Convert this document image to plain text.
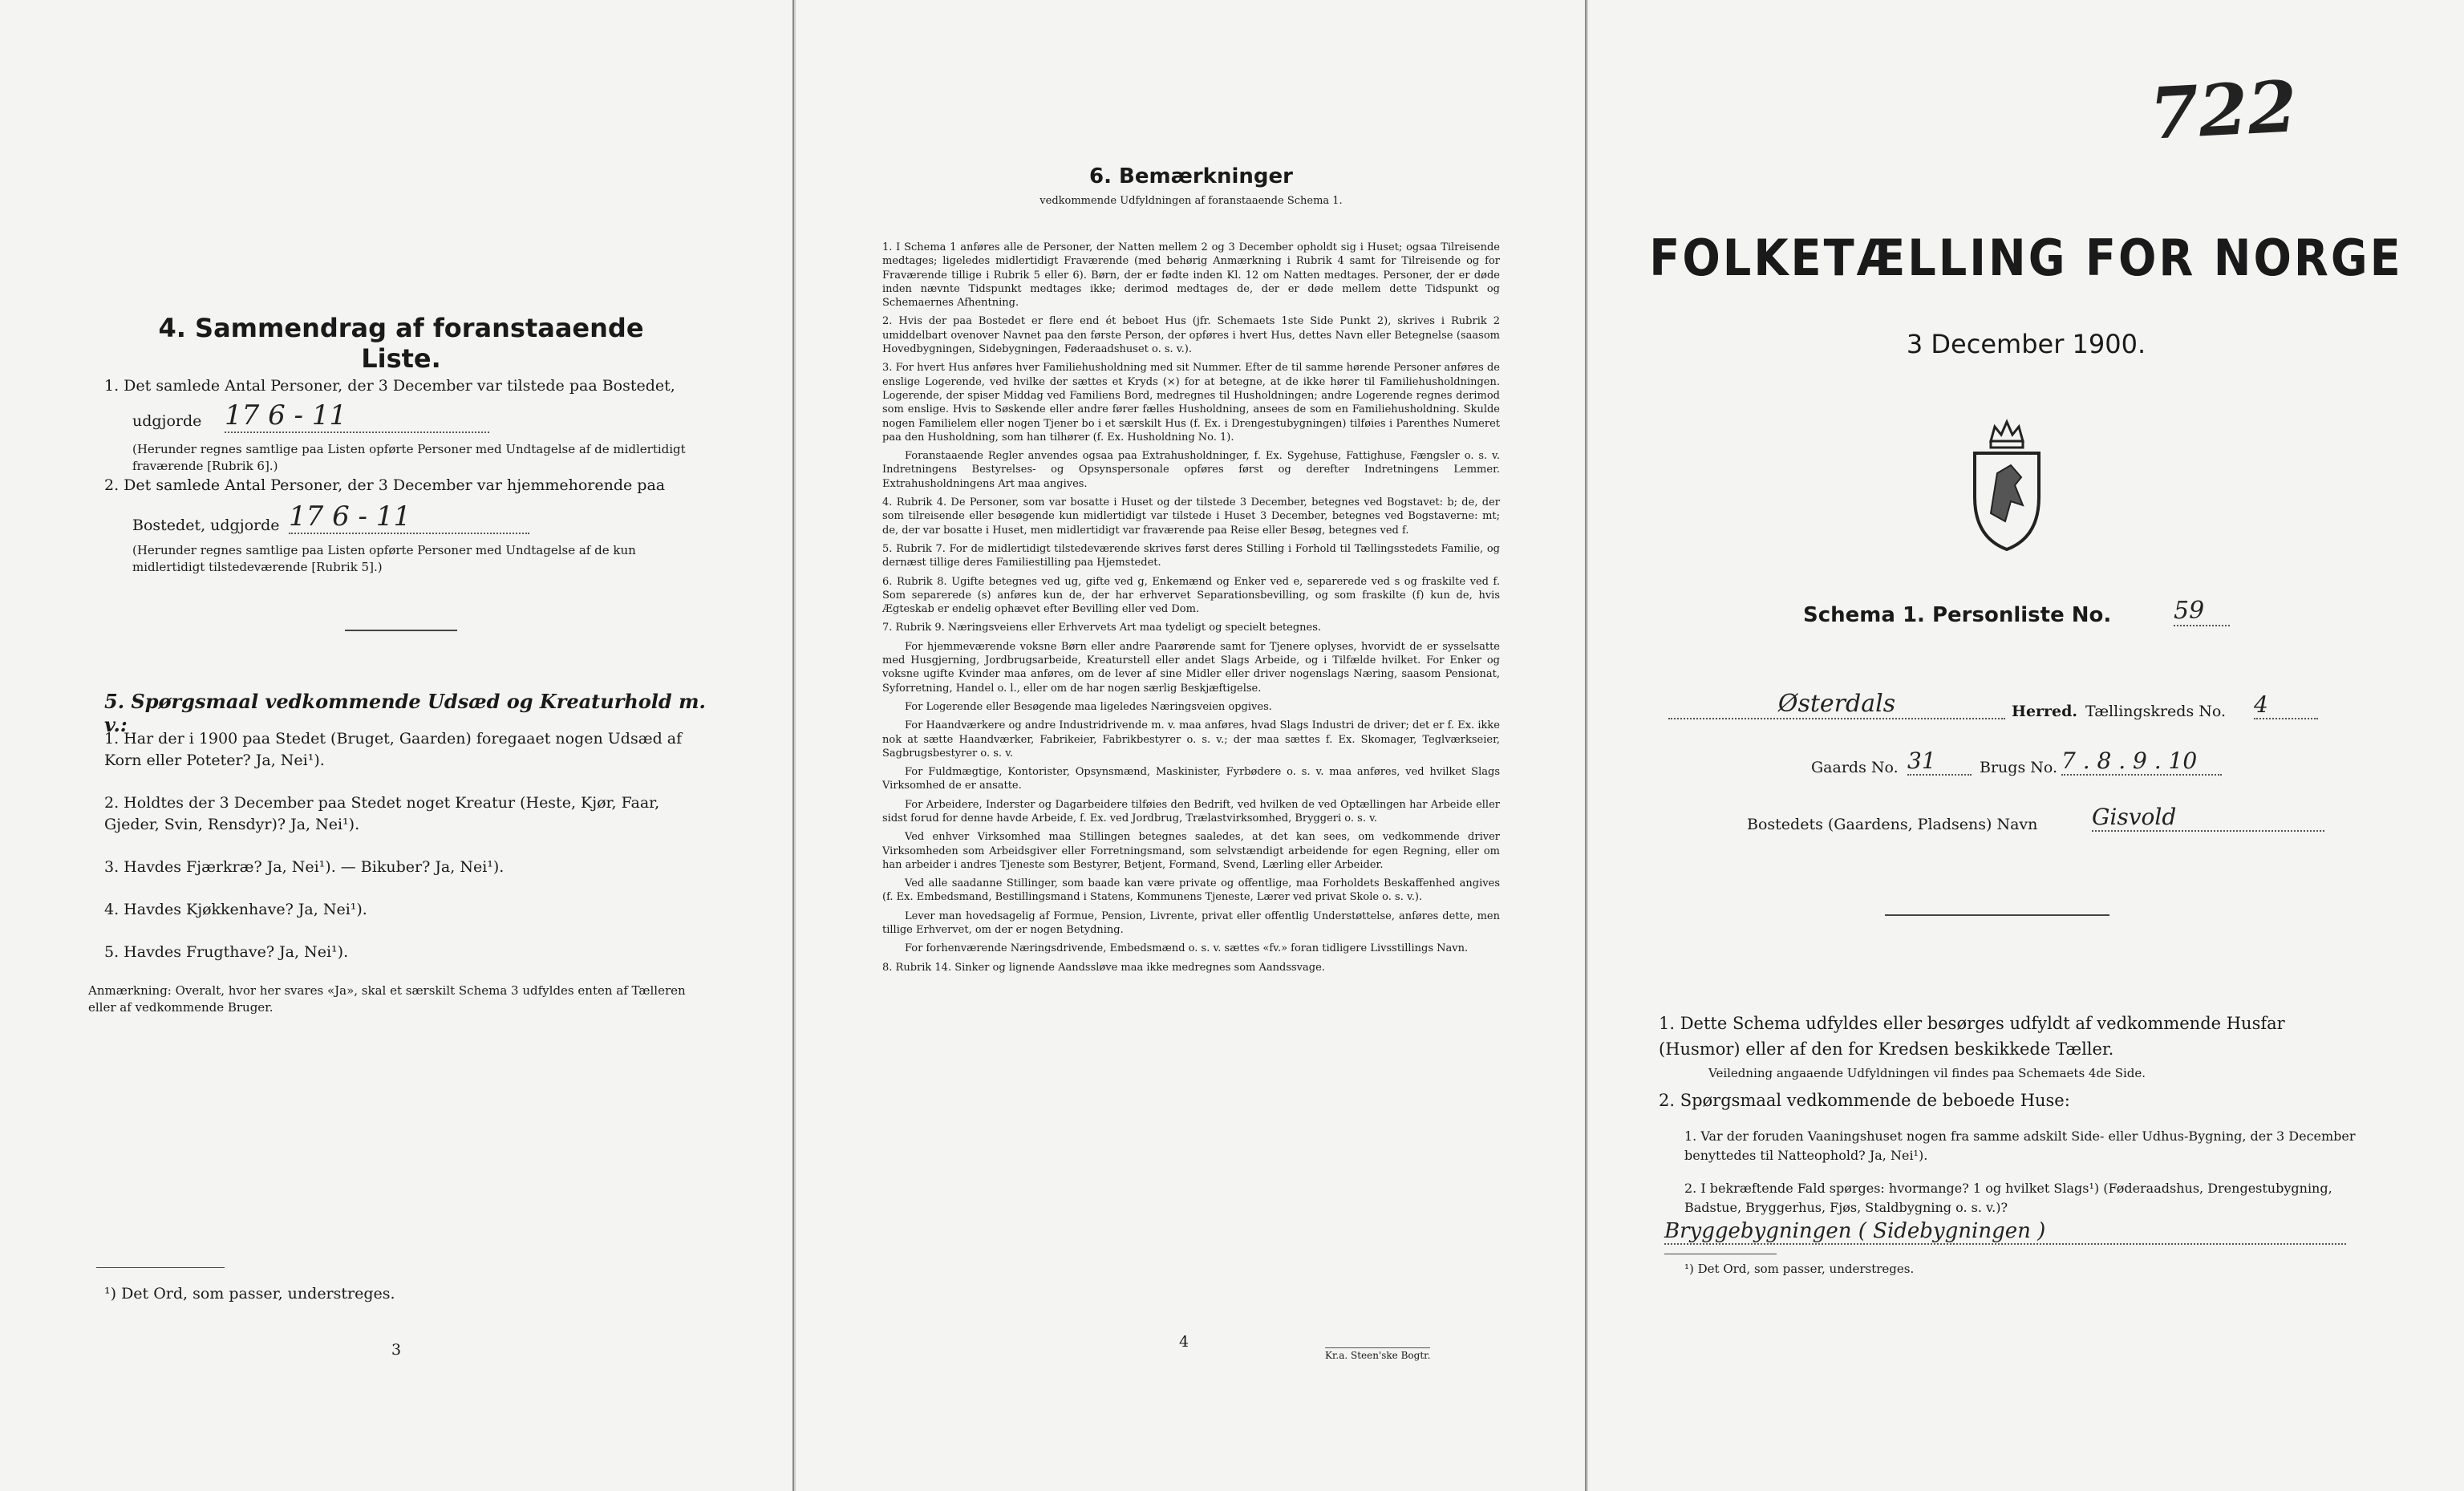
4. Sammendrag af foranstaaende Liste.
1. Det samlede Antal Personer, der 3 December var tilstede paa Bostedet,
udgjorde 17 6 - 11
(Herunder regnes samtlige paa Listen opførte Personer med Undtagelse af de midlertidigt fraværende [Rubrik 6].)
2. Det samlede Antal Personer, der 3 December var hjemmehorende paa
Bostedet, udgjorde 17 6 - 11
(Herunder regnes samtlige paa Listen opførte Personer med Undtagelse af de kun midlertidigt tilstedeværende [Rubrik 5].)
5. Spørgsmaal vedkommende Udsæd og Kreaturhold m. v.:

1. Har der i 1900 paa Stedet (Bruget, Gaarden) foregaaet nogen Udsæd af Korn eller Poteter? Ja, Nei¹).

2. Holdtes der 3 December paa Stedet noget Kreatur (Heste, Kjør, Faar, Gjeder, Svin, Rensdyr)? Ja, Nei¹).

3. Havdes Fjærkræ? Ja, Nei¹). — Bikuber? Ja, Nei¹).

4. Havdes Kjøkkenhave? Ja, Nei¹).

5. Havdes Frugthave? Ja, Nei¹).

Anmærkning: Overalt, hvor her svares «Ja», skal et særskilt Schema 3 udfyldes enten af Tælleren eller af vedkommende Bruger.
¹) Det Ord, som passer, understreges.
3
6. Bemærkninger
vedkommende Udfyldningen af foranstaaende Schema 1.

1. I Schema 1 anføres alle de Personer, der Natten mellem 2 og 3 December opholdt sig i Huset; ogsaa Tilreisende medtages; ligeledes midlertidigt Fraværende (med behørig Anmærkning i Rubrik 4 samt for Tilreisende og for Fraværende tillige i Rubrik 5 eller 6). Børn, der er fødte inden Kl. 12 om Natten medtages. Personer, der er døde inden nævnte Tidspunkt medtages ikke; derimod medtages de, der er døde mellem dette Tidspunkt og Schemaernes Afhentning.

2. Hvis der paa Bostedet er flere end ét beboet Hus (jfr. Schemaets 1ste Side Punkt 2), skrives i Rubrik 2 umiddelbart ovenover Navnet paa den første Person, der opføres i hvert Hus, dettes Navn eller Betegnelse (saasom Hovedbygningen, Sidebygningen, Føderaadshuset o. s. v.).

3. For hvert Hus anføres hver Familiehusholdning med sit Nummer. Efter de til samme hørende Personer anføres de enslige Logerende, ved hvilke der sættes et Kryds (×) for at betegne, at de ikke hører til Familiehusholdningen. Logerende, der spiser Middag ved Familiens Bord, medregnes til Husholdningen; andre Logerende regnes derimod som enslige. Hvis to Søskende eller andre fører fælles Husholdning, ansees de som en Familiehusholdning. Skulde nogen Familielem eller nogen Tjener bo i et særskilt Hus (f. Ex. i Drengestubygningen) tilføies i Parenthes Numeret paa den Husholdning, som han tilhører (f. Ex. Husholdning No. 1).

Foranstaaende Regler anvendes ogsaa paa Extrahusholdninger, f. Ex. Sygehuse, Fattighuse, Fængsler o. s. v. Indretningens Bestyrelses- og Opsynspersonale opføres først og derefter Indretningens Lemmer. Extrahusholdningens Art maa angives.

4. Rubrik 4. De Personer, som var bosatte i Huset og der tilstede 3 December, betegnes ved Bogstavet: b; de, der som tilreisende eller besøgende kun midlertidigt var tilstede i Huset 3 December, betegnes ved Bogstaverne: mt; de, der var bosatte i Huset, men midlertidigt var fraværende paa Reise eller Besøg, betegnes ved f.

5. Rubrik 7. For de midlertidigt tilstedeværende skrives først deres Stilling i Forhold til Tællingsstedets Familie, og dernæst tillige deres Familiestilling paa Hjemstedet.

6. Rubrik 8. Ugifte betegnes ved ug, gifte ved g, Enkemænd og Enker ved e, separerede ved s og fraskilte ved f. Som separerede (s) anføres kun de, der har erhvervet Separationsbevilling, og som fraskilte (f) kun de, hvis Ægteskab er endelig ophævet efter Bevilling eller ved Dom.

7. Rubrik 9. Næringsveiens eller Erhvervets Art maa tydeligt og specielt betegnes.

For hjemmeværende voksne Børn eller andre Paarørende samt for Tjenere oplyses, hvorvidt de er sysselsatte med Husgjerning, Jordbrugsarbeide, Kreaturstell eller andet Slags Arbeide, og i Tilfælde hvilket. For Enker og voksne ugifte Kvinder maa anføres, om de lever af sine Midler eller driver nogenslags Næring, saasom Pensionat, Syforretning, Handel o. l., eller om de har nogen særlig Beskjæftigelse.

For Logerende eller Besøgende maa ligeledes Næringsveien opgives.

For Haandværkere og andre Industridrivende m. v. maa anføres, hvad Slags Industri de driver; det er f. Ex. ikke nok at sætte Haandværker, Fabrikeier, Fabrikbestyrer o. s. v.; der maa sættes f. Ex. Skomager, Teglværkseier, Sagbrugsbestyrer o. s. v.

For Fuldmægtige, Kontorister, Opsynsmænd, Maskinister, Fyrbødere o. s. v. maa anføres, ved hvilket Slags Virksomhed de er ansatte.

For Arbeidere, Inderster og Dagarbeidere tilføies den Bedrift, ved hvilken de ved Optællingen har Arbeide eller sidst forud for denne havde Arbeide, f. Ex. ved Jordbrug, Trælastvirksomhed, Bryggeri o. s. v.

Ved enhver Virksomhed maa Stillingen betegnes saaledes, at det kan sees, om vedkommende driver Virksomheden som Arbeidsgiver eller Forretningsmand, som selvstændigt arbeidende for egen Regning, eller om han arbeider i andres Tjeneste som Bestyrer, Betjent, Formand, Svend, Lærling eller Arbeider.

Ved alle saadanne Stillinger, som baade kan være private og offentlige, maa Forholdets Beskaffenhed angives (f. Ex. Embedsmand, Bestillingsmand i Statens, Kommunens Tjeneste, Lærer ved privat Skole o. s. v.).

Lever man hovedsagelig af Formue, Pension, Livrente, privat eller offentlig Understøttelse, anføres dette, men tillige Erhvervet, om der er nogen Betydning.

For forhenværende Næringsdrivende, Embedsmænd o. s. v. sættes «fv.» foran tidligere Livsstillings Navn.

8. Rubrik 14. Sinker og lignende Aandssløve maa ikke medregnes som Aandssvage.

4
Kr.a. Steen'ske Bogtr.
722
FOLKETÆLLING FOR NORGE
3 December 1900.
Schema 1. Personliste No.	59
Østerdals	Herred. Tællingskreds No. 4
Gaards No. 31	Brugs No. 7 . 8 . 9 . 10
Bostedets (Gaardens, Pladsens) Navn Gisvold
1. Dette Schema udfyldes eller besørges udfyldt af vedkommende Husfar (Husmor) eller af den for Kredsen beskikkede Tæller.
Veiledning angaaende Udfyldningen vil findes paa Schemaets 4de Side.
2. Spørgsmaal vedkommende de beboede Huse:
1. Var der foruden Vaaningshuset nogen fra samme adskilt Side- eller Udhus-Bygning, der 3 December benyttedes til Natteophold? Ja, Nei¹).
2. I bekræftende Fald spørges: hvormange? 1 og hvilket Slags¹) (Føderaadshus, Drengestubygning, Badstue, Bryggerhus, Fjøs, Staldbygning o. s. v.)?
Bryggebygningen ( Sidebygningen )
¹) Det Ord, som passer, understreges.
